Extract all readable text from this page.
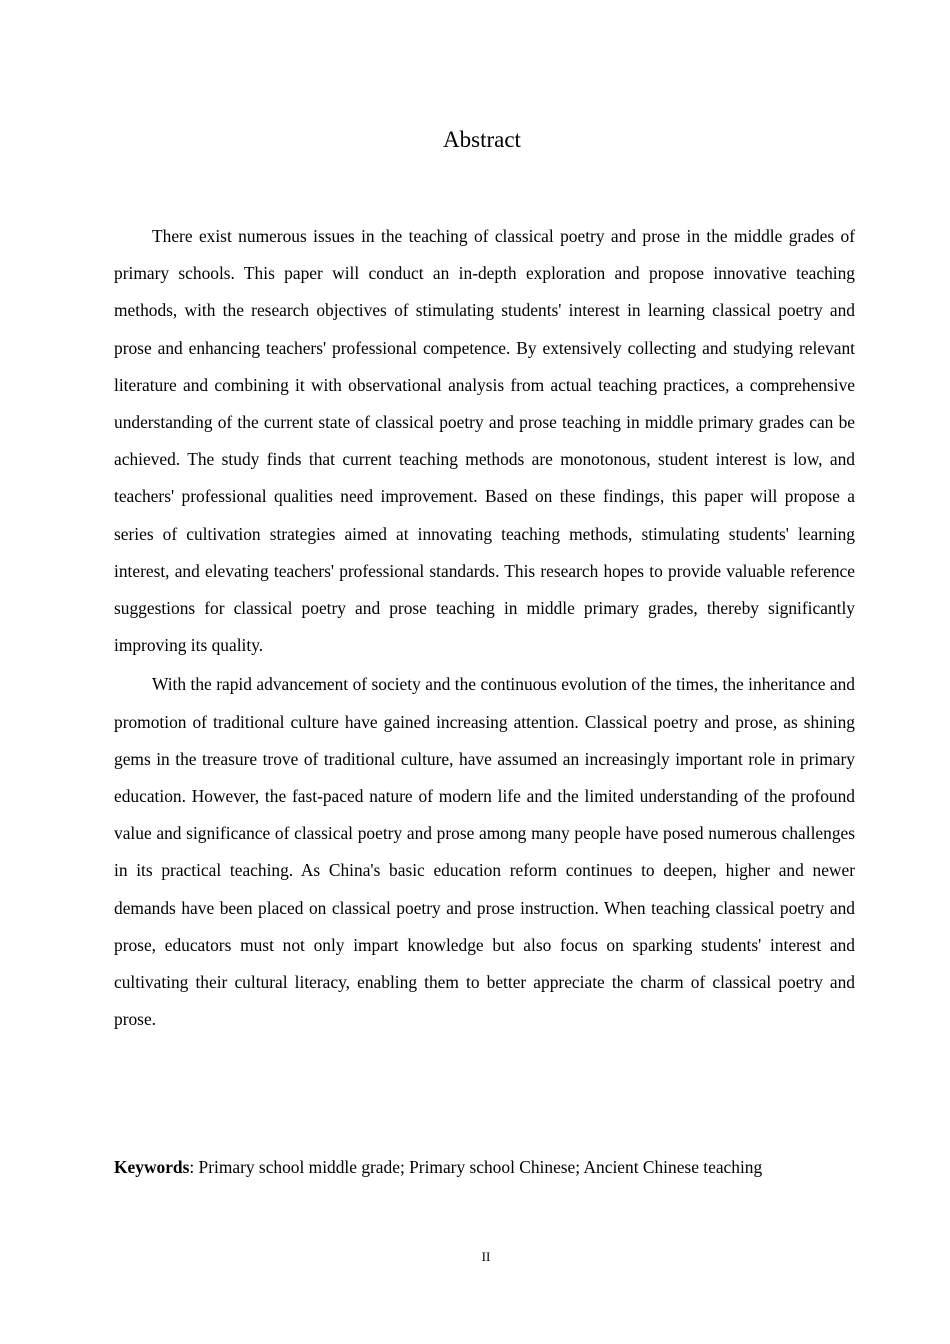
Abstract

There exist numerous issues in the teaching of classical poetry and prose in the middle grades of primary schools. This paper will conduct an in-depth exploration and propose innovative teaching methods, with the research objectives of stimulating students' interest in learning classical poetry and prose and enhancing teachers' professional competence. By extensively collecting and studying relevant literature and combining it with observational analysis from actual teaching practices, a comprehensive understanding of the current state of classical poetry and prose teaching in middle primary grades can be achieved. The study finds that current teaching methods are monotonous, student interest is low, and teachers' professional qualities need improvement. Based on these findings, this paper will propose a series of cultivation strategies aimed at innovating teaching methods, stimulating students' learning interest, and elevating teachers' professional standards. This research hopes to provide valuable reference suggestions for classical poetry and prose teaching in middle primary grades, thereby significantly improving its quality.

With the rapid advancement of society and the continuous evolution of the times, the inheritance and promotion of traditional culture have gained increasing attention. Classical poetry and prose, as shining gems in the treasure trove of traditional culture, have assumed an increasingly important role in primary education. However, the fast-paced nature of modern life and the limited understanding of the profound value and significance of classical poetry and prose among many people have posed numerous challenges in its practical teaching. As China's basic education reform continues to deepen, higher and newer demands have been placed on classical poetry and prose instruction. When teaching classical poetry and prose, educators must not only impart knowledge but also focus on sparking students' interest and cultivating their cultural literacy, enabling them to better appreciate the charm of classical poetry and prose.

Keywords: Primary school middle grade; Primary school Chinese; Ancient Chinese teaching
II
